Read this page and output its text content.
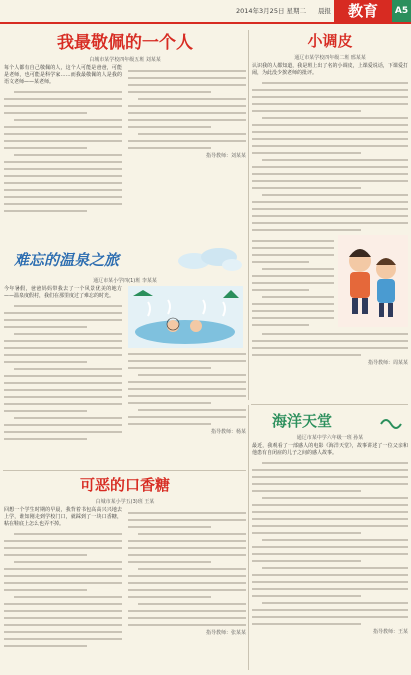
2014年3月25日 星期二 晨报	教育	A5
我最敬佩的一个人
白城市某学校四年级五班 刘某某
每个人都有自己敬佩的人，这个人可能是爸爸，可能是老师，也可能是科学家……而我最敬佩的人是我的语文老师——某老师。
指导教师：刘某某
难忘的温泉之旅
通辽市某小学四(1)班 李某某
今年暑假，爸爸妈妈带我去了一个风景优美的地方——温泉度假村，我们在那里度过了难忘的时光。
指导教师：杨某
可恶的口香糖
白城市某小学五(3)班 王某
回想一个学生时期的早晨，我背着书包高高兴兴地去上学，谁知刚走到学校门口，就踩到了一块口香糖，粘在鞋底上怎么也弄不掉。
指导教师：张某某
小调皮
通辽市某学校四年级二班 邢某某
认识我的人都知道，我是班上出了名的小调皮，上课爱说话，下课爱打闹，为此没少挨老师的批评。
指导教师：周某某
海洋天堂
通辽市某中学六年级一班 孙某
最近，我观看了一部感人的电影《海洋天堂》，故事讲述了一位父亲和他患有自闭症的儿子之间的感人故事。
指导教师：王某
